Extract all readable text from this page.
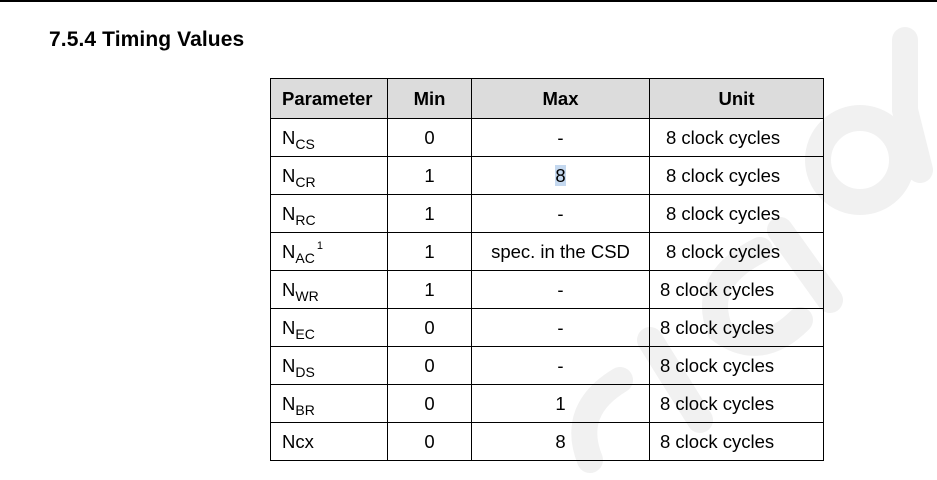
7.5.4 Timing Values
Parameter	Min	Max	Unit
$N_{CS}$	0	-	8 clock cycles
$N_{CR}$	1	8	8 clock cycles
$N_{RC}$	1	-	8 clock cycles
$N_{AC}^1$	1	spec. in the CSD	8 clock cycles
$N_{WR}$	1	-	8 clock cycles
$N_{EC}$	0	-	8 clock cycles
$N_{DS}$	0	-	8 clock cycles
$N_{BR}$	0	1	8 clock cycles
Ncx	0	8	8 clock cycles
